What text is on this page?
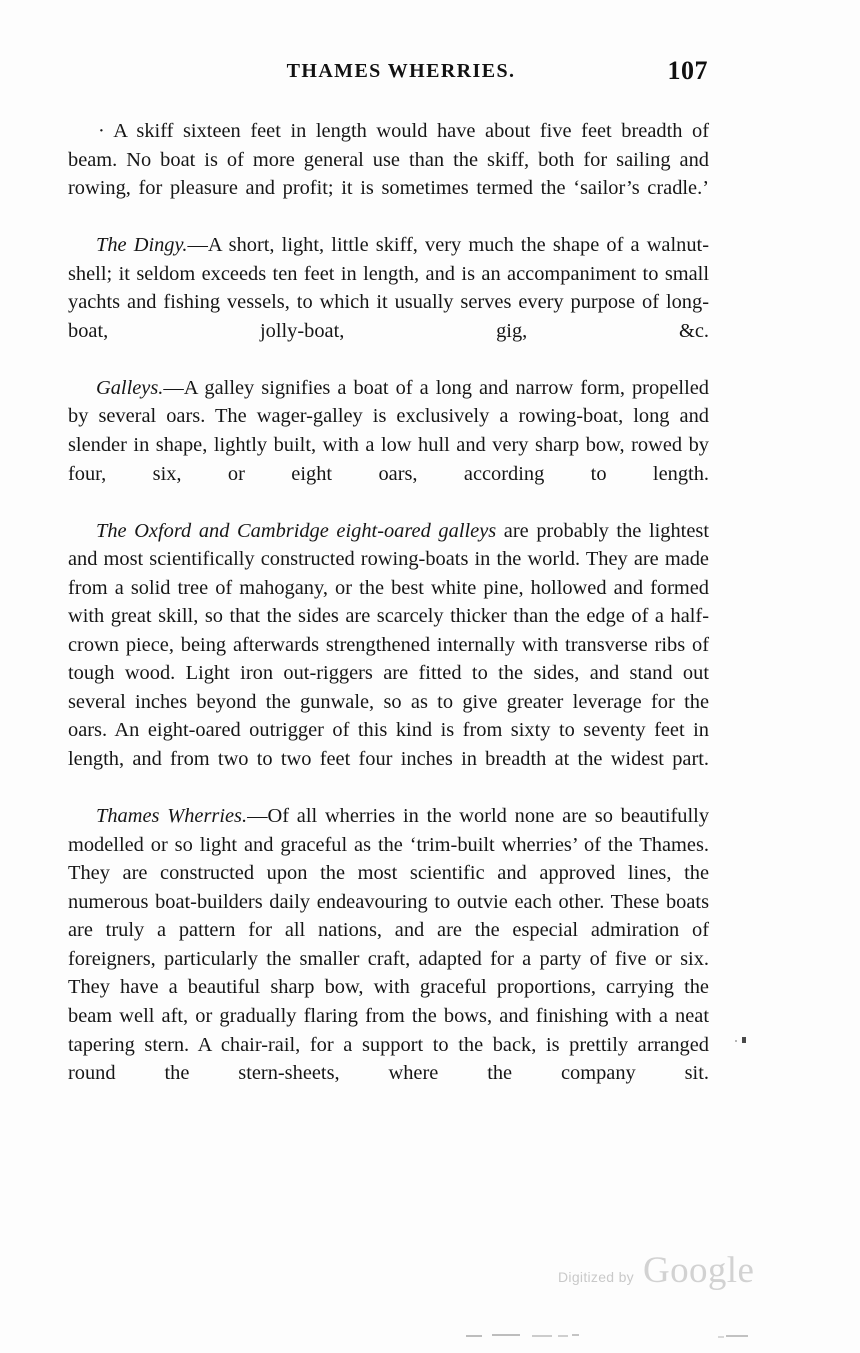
THAMES WHERRIES.	107

· A skiff sixteen feet in length would have about five feet breadth of beam. No boat is of more general use than the skiff, both for sailing and rowing, for pleasure and profit; it is sometimes termed the ‘sailor’s cradle.’

The Dingy.—A short, light, little skiff, very much the shape of a walnut-shell; it seldom exceeds ten feet in length, and is an accompaniment to small yachts and fishing vessels, to which it usually serves every purpose of long-boat, jolly-boat, gig, &c.

Galleys.—A galley signifies a boat of a long and narrow form, propelled by several oars. The wager-galley is exclusively a rowing-boat, long and slender in shape, lightly built, with a low hull and very sharp bow, rowed by four, six, or eight oars, according to length.

The Oxford and Cambridge eight-oared galleys are probably the lightest and most scientifically constructed rowing-boats in the world. They are made from a solid tree of mahogany, or the best white pine, hollowed and formed with great skill, so that the sides are scarcely thicker than the edge of a half-crown piece, being afterwards strengthened internally with transverse ribs of tough wood. Light iron out-riggers are fitted to the sides, and stand out several inches beyond the gunwale, so as to give greater leverage for the oars. An eight-oared outrigger of this kind is from sixty to seventy feet in length, and from two to two feet four inches in breadth at the widest part.

Thames Wherries.—Of all wherries in the world none are so beautifully modelled or so light and graceful as the ‘trim-built wherries’ of the Thames. They are constructed upon the most scientific and approved lines, the numerous boat-builders daily endeavouring to outvie each other. These boats are truly a pattern for all nations, and are the especial admiration of foreigners, particularly the smaller craft, adapted for a party of five or six. They have a beautiful sharp bow, with graceful proportions, carrying the beam well aft, or gradually flaring from the bows, and finishing with a neat tapering stern. A chair-rail, for a support to the back, is prettily arranged round the stern-sheets, where the company sit.

Digitized by Google
